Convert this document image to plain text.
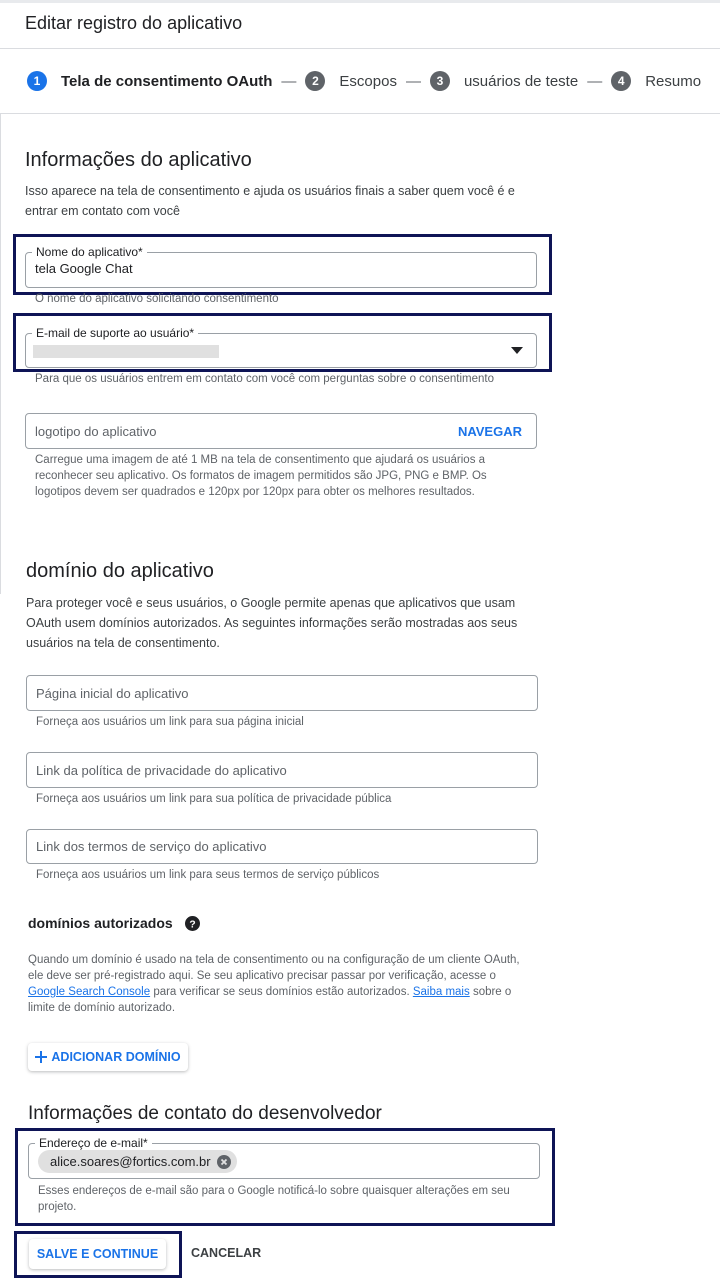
Editar registro do aplicativo
1	Tela de consentimento OAuth —	2	Escopos —	3	usuários de teste —	4	Resumo
Informações do aplicativo
Isso aparece na tela de consentimento e ajuda os usuários finais a saber quem você é e entrar em contato com você
Nome do aplicativo*
tela Google Chat
O nome do aplicativo solicitando consentimento
E-mail de suporte ao usuário*
Para que os usuários entrem em contato com você com perguntas sobre o consentimento
logotipo do aplicativo	NAVEGAR
Carregue uma imagem de até 1 MB na tela de consentimento que ajudará os usuários a reconhecer seu aplicativo. Os formatos de imagem permitidos são JPG, PNG e BMP. Os logotipos devem ser quadrados e 120px por 120px para obter os melhores resultados.
domínio do aplicativo
Para proteger você e seus usuários, o Google permite apenas que aplicativos que usam OAuth usem domínios autorizados. As seguintes informações serão mostradas aos seus usuários na tela de consentimento.
Página inicial do aplicativo
Forneça aos usuários um link para sua página inicial
Link da política de privacidade do aplicativo
Forneça aos usuários um link para sua política de privacidade pública
Link dos termos de serviço do aplicativo
Forneça aos usuários um link para seus termos de serviço públicos
domínios autorizados ?
Quando um domínio é usado na tela de consentimento ou na configuração de um cliente OAuth, ele deve ser pré-registrado aqui. Se seu aplicativo precisar passar por verificação, acesse o Google Search Console para verificar se seus domínios estão autorizados. Saiba mais sobre o limite de domínio autorizado.
ADICIONAR DOMÍNIO
Informações de contato do desenvolvedor
Endereço de e-mail*
alice.soares@fortics.com.br
Esses endereços de e-mail são para o Google notificá-lo sobre quaisquer alterações em seu projeto.
SALVE E CONTINUE	CANCELAR
